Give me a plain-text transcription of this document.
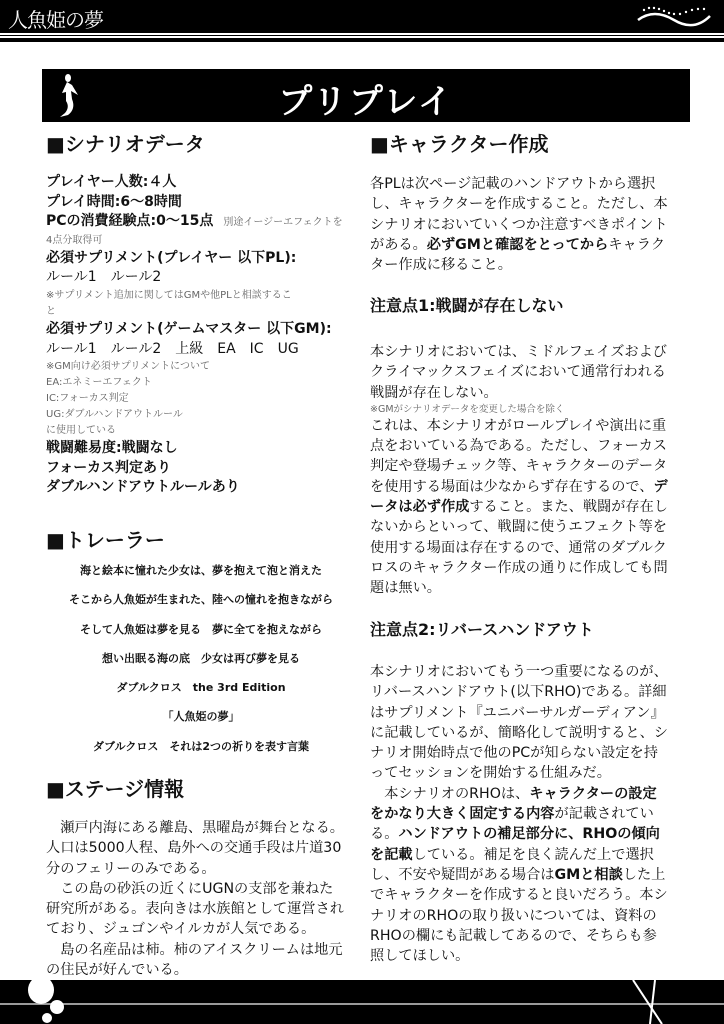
人魚姫の夢
プリプレイ
■シナリオデータ
プレイヤー人数:４人
プレイ時間:6〜8時間
PCの消費経験点:0〜15点 別途イージーエフェクトを
4点分取得可
必須サプリメント(プレイヤー 以下PL):
ルール1　ルール2
※サプリメント追加に関してはGMや他PLと相談するこ
と
必須サプリメント(ゲームマスター 以下GM):
ルール1　ルール2　上級　EA　IC　UG
※GM向け必須サプリメントについて
EA:エネミーエフェクト
IC:フォーカス判定
UG:ダブルハンドアウトルール
に使用している
戦闘難易度:戦闘なし
フォーカス判定あり
ダブルハンドアウトルールあり
■トレーラー
海と絵本に憧れた少女は、夢を抱えて泡と消えた
そこから人魚姫が生まれた、陸への憧れを抱きながら
そして人魚姫は夢を見る　夢に全てを抱えながら
想い出眠る海の底　少女は再び夢を見る
ダブルクロス　the 3rd Edition
「人魚姫の夢」
ダブルクロス　それは2つの祈りを表す言葉
■ステージ情報
　瀬戸内海にある離島、黒曜島が舞台となる。
人口は5000人程、島外への交通手段は片道30
分のフェリーのみである。
　この島の砂浜の近くにUGNの支部を兼ねた
研究所がある。表向きは水族館として運営され
ており、ジュゴンやイルカが人気である。
　島の名産品は柿。柿のアイスクリームは地元
の住民が好んでいる。
■キャラクター作成
各PLは次ページ記載のハンドアウトから選択
し、キャラクターを作成すること。ただし、本
シナリオにおいていくつか注意すべきポイント
がある。必ずGMと確認をとってからキャラク
ター作成に移ること。
注意点1:戦闘が存在しない
本シナリオにおいては、ミドルフェイズおよび
クライマックスフェイズにおいて通常行われる
戦闘が存在しない。
※GMがシナリオデータを変更した場合を除く
これは、本シナリオがロールプレイや演出に重
点をおいている為である。ただし、フォーカス
判定や登場チェック等、キャラクターのデータ
を使用する場面は少なからず存在するので、デ
ータは必ず作成すること。また、戦闘が存在し
ないからといって、戦闘に使うエフェクト等を
使用する場面は存在するので、通常のダブルク
ロスのキャラクター作成の通りに作成しても問
題は無い。
注意点2:リバースハンドアウト
本シナリオにおいてもう一つ重要になるのが、
リバースハンドアウト(以下RHO)である。詳細
はサプリメント『ユニバーサルガーディアン』
に記載しているが、簡略化して説明すると、シ
ナリオ開始時点で他のPCが知らない設定を持
ってセッションを開始する仕組みだ。
　本シナリオのRHOは、キャラクターの設定
をかなり大きく固定する内容が記載されてい
る。ハンドアウトの補足部分に、RHOの傾向
を記載している。補足を良く読んだ上で選択
し、不安や疑問がある場合はGMと相談した上
でキャラクターを作成すると良いだろう。本シ
ナリオのRHOの取り扱いについては、資料の
RHOの欄にも記載してあるので、そちらも参
照してほしい。
